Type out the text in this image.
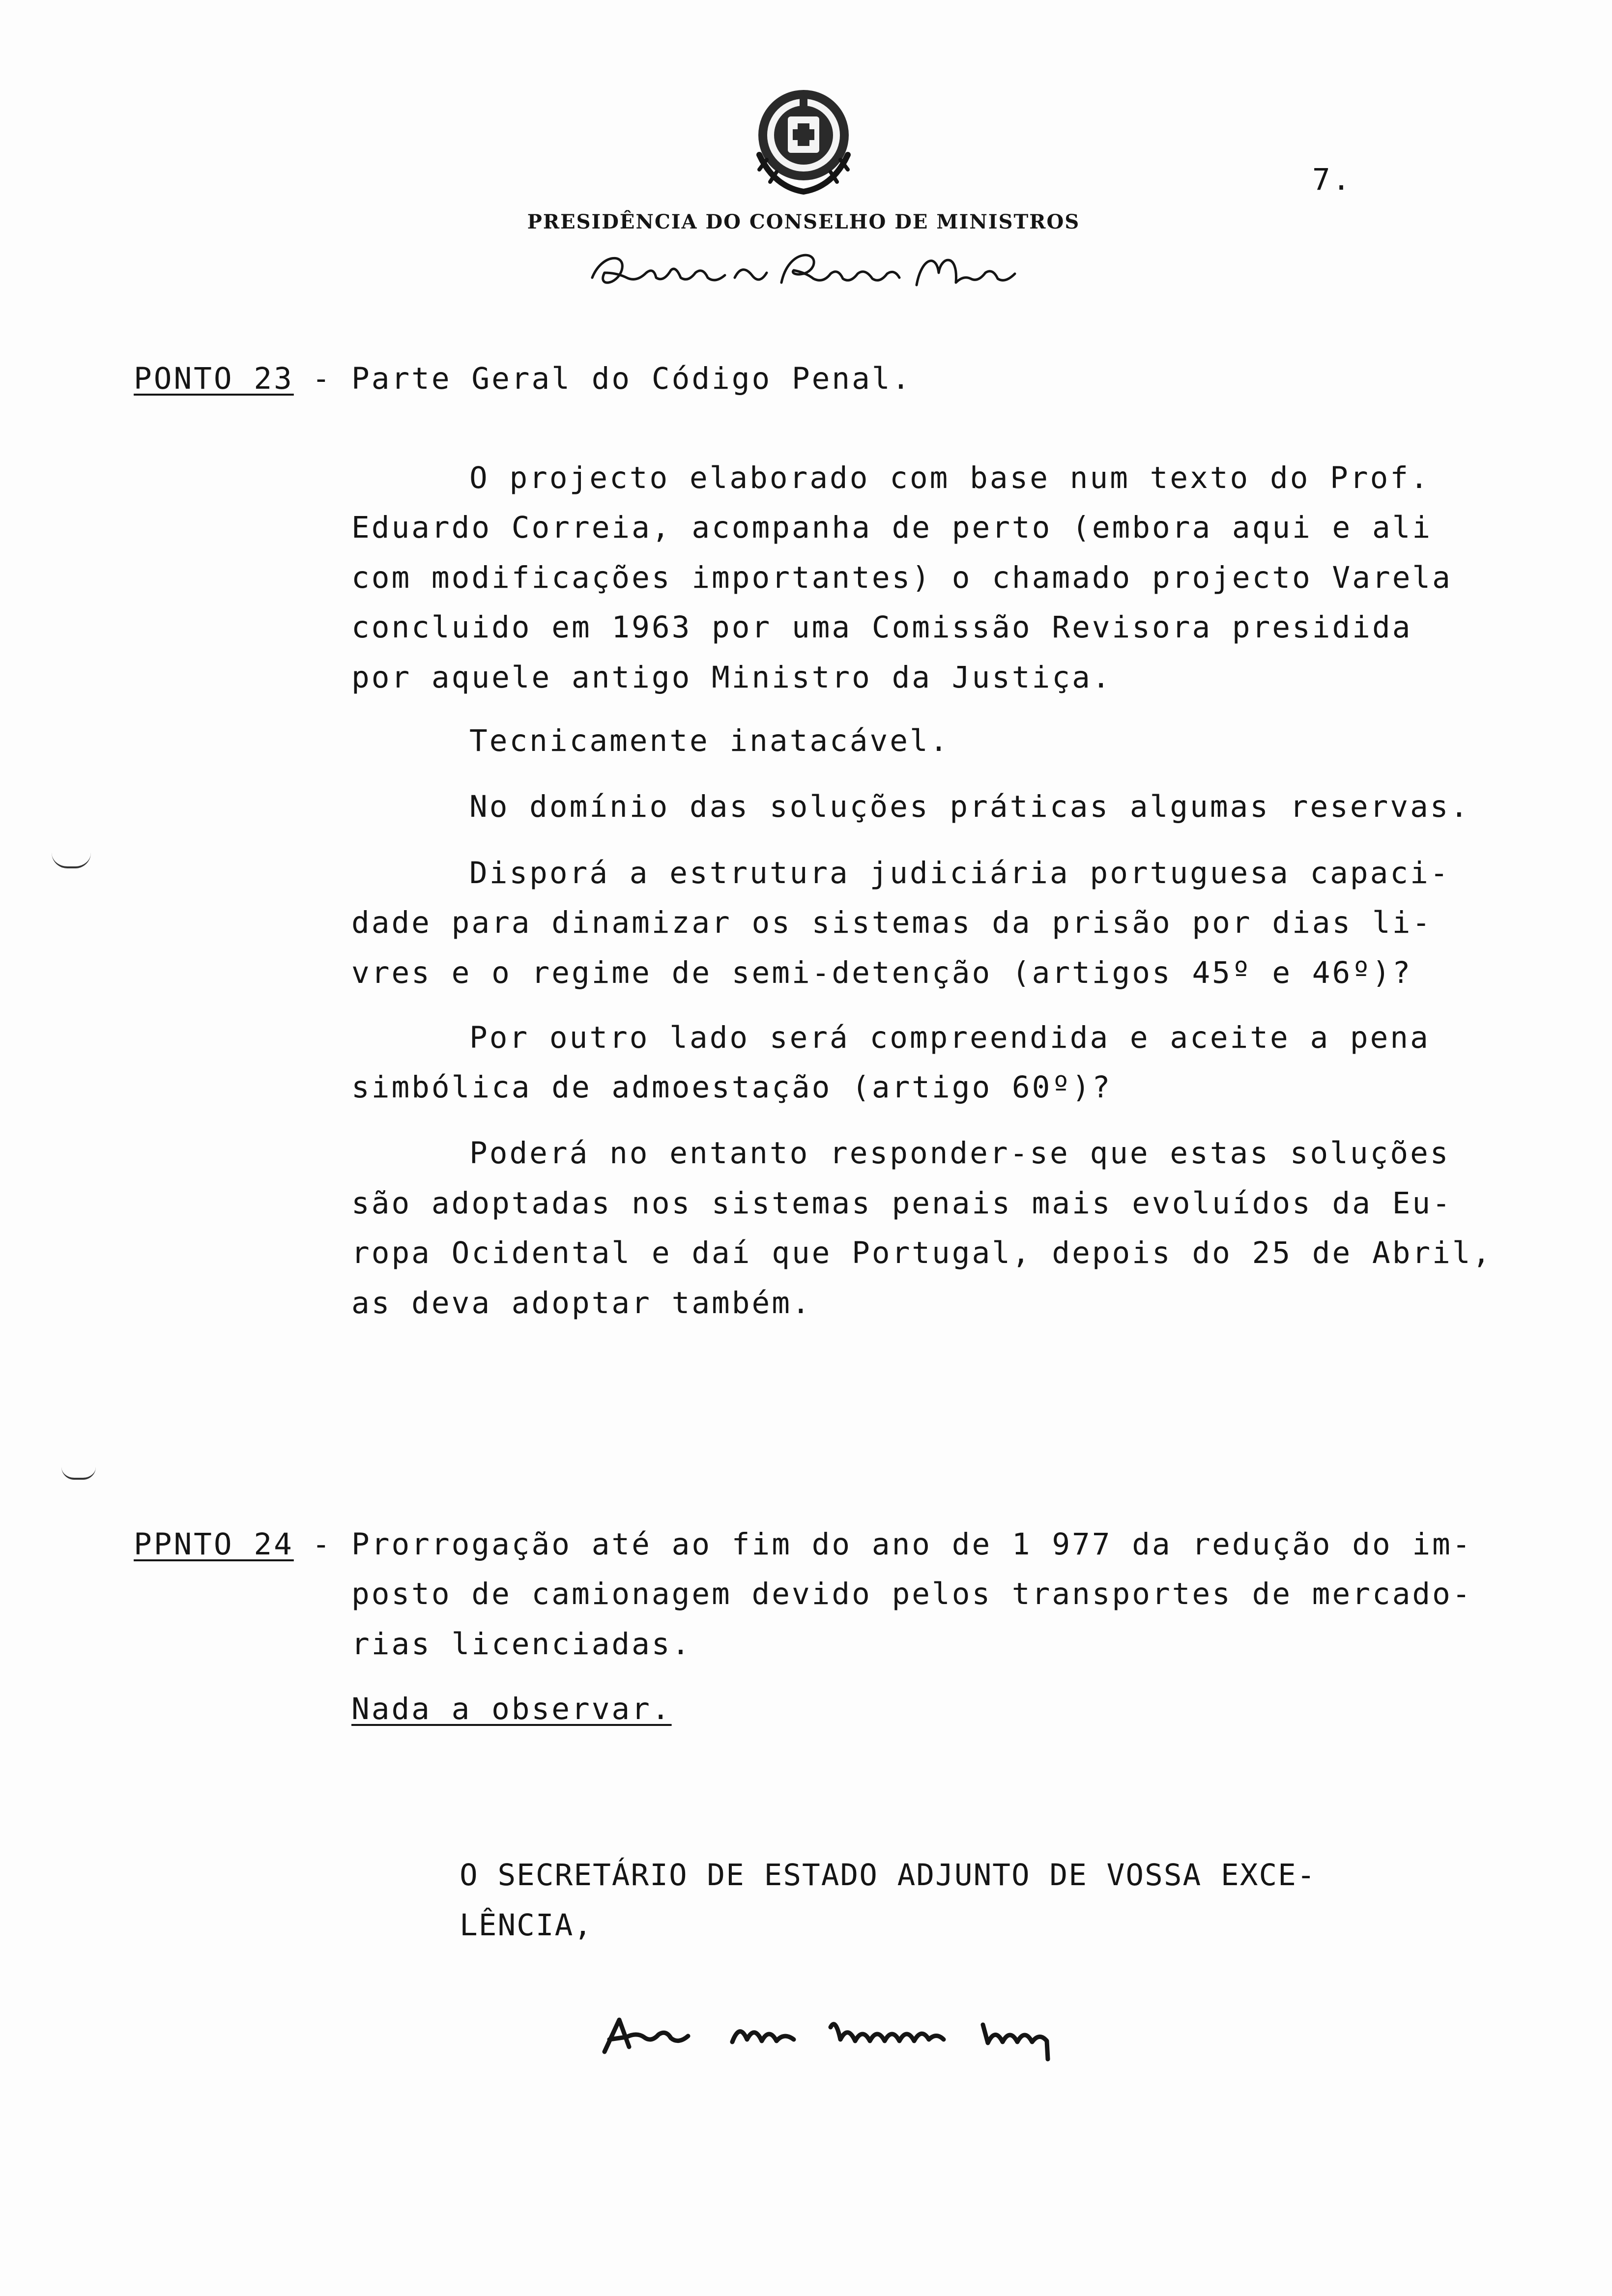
7.
PRESIDÊNCIA DO CONSELHO DE MINISTROS
PONTO 23 - Parte Geral do Código Penal.
O projecto elaborado com base num texto do Prof.
Eduardo Correia, acompanha de perto (embora aqui e ali
com modificações importantes) o chamado projecto Varela
concluido em 1963 por uma Comissão Revisora presidida
por aquele antigo Ministro da Justiça.
Tecnicamente inatacável.
No domínio das soluções práticas algumas reservas.
Disporá a estrutura judiciária portuguesa capaci-
dade para dinamizar os sistemas da prisão por dias li-
vres e o regime de semi-detenção (artigos 45º e 46º)?
Por outro lado será compreendida e aceite a pena
simbólica de admoestação (artigo 60º)?
Poderá no entanto responder-se que estas soluções
são adoptadas nos sistemas penais mais evoluídos da Eu-
ropa Ocidental e daí que Portugal, depois do 25 de Abril,
as deva adoptar também.
PPNTO 24 - Prorrogação até ao fim do ano de 1 977 da redução do im-
posto de camionagem devido pelos transportes de mercado-
rias licenciadas.
Nada a observar.
O SECRETÁRIO DE ESTADO ADJUNTO DE VOSSA EXCE-
LÊNCIA,
